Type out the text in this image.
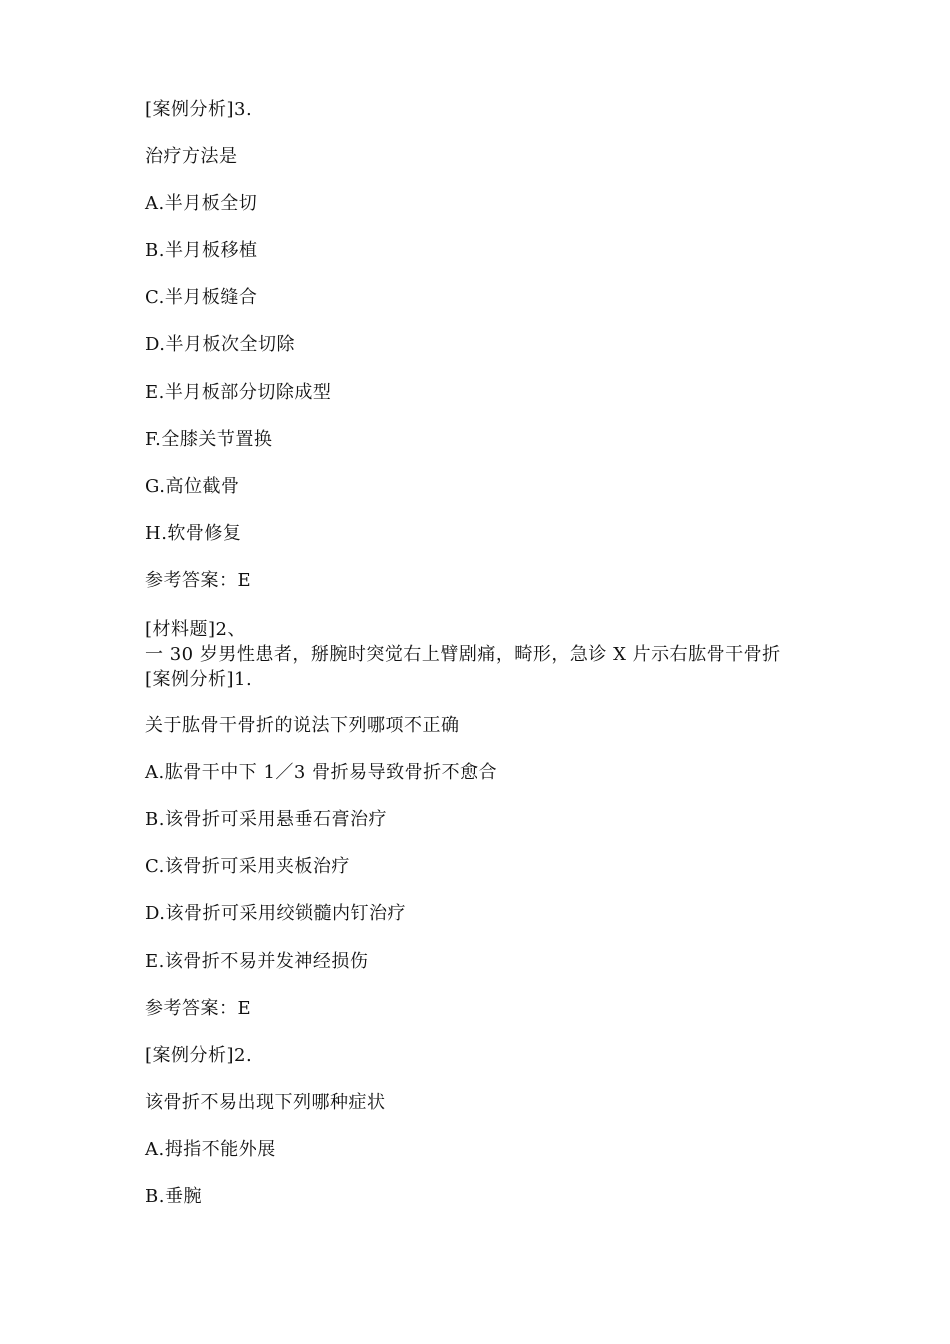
[案例分析]3.
治疗方法是
A.半月板全切
B.半月板移植
C.半月板缝合
D.半月板次全切除
E.半月板部分切除成型
F.全膝关节置换
G.高位截骨
H.软骨修复
参考答案：E
[材料题]2、
一 30 岁男性患者，掰腕时突觉右上臂剧痛，畸形，急诊 X 片示右肱骨干骨折
[案例分析]1.
关于肱骨干骨折的说法下列哪项不正确
A.肱骨干中下 1／3 骨折易导致骨折不愈合
B.该骨折可采用悬垂石膏治疗
C.该骨折可采用夹板治疗
D.该骨折可采用绞锁髓内钉治疗
E.该骨折不易并发神经损伤
参考答案：E
[案例分析]2.
该骨折不易出现下列哪种症状
A.拇指不能外展
B.垂腕
